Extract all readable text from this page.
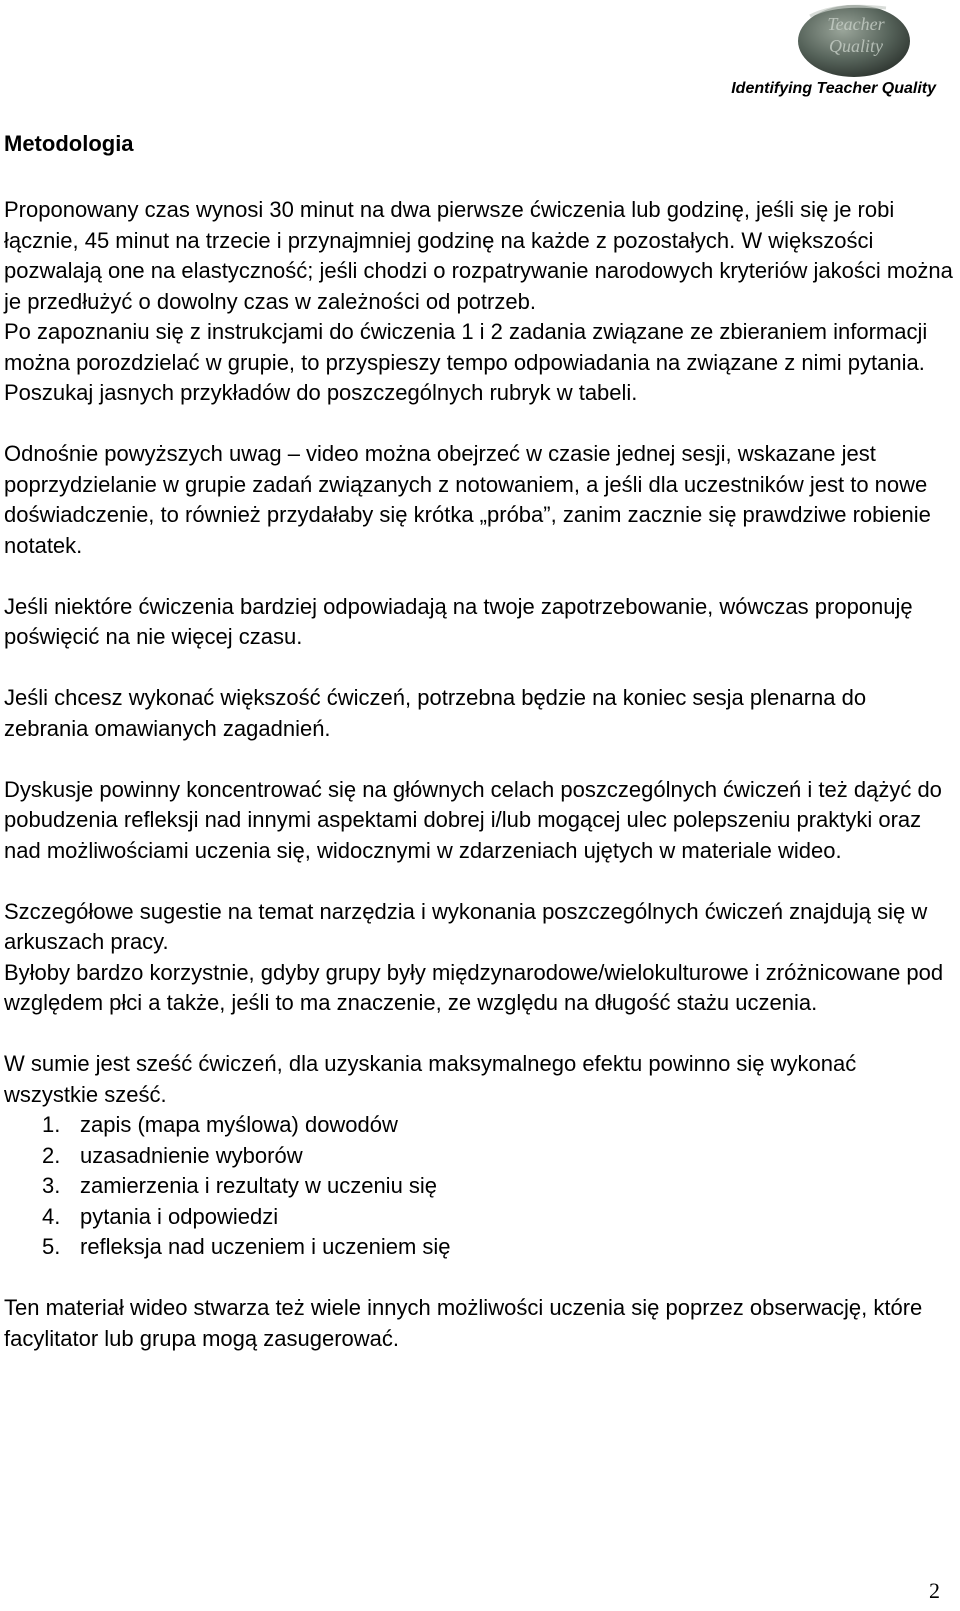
Teacher
Quality
Identifying Teacher Quality
Metodologia

Proponowany czas wynosi 30 minut na dwa pierwsze ćwiczenia lub godzinę, jeśli się je robi łącznie, 45 minut na trzecie i przynajmniej godzinę na każde z pozostałych. W większości pozwalają one na elastyczność; jeśli chodzi o rozpatrywanie narodowych kryteriów jakości można je przedłużyć o dowolny czas w zależności od potrzeb.

Po zapoznaniu się z instrukcjami do ćwiczenia 1 i 2 zadania związane ze zbieraniem informacji można porozdzielać w grupie, to przyspieszy tempo odpowiadania na związane z nimi pytania. Poszukaj jasnych przykładów do poszczególnych rubryk w tabeli.

Odnośnie powyższych uwag – video można obejrzeć w czasie jednej sesji, wskazane jest poprzydzielanie w grupie zadań związanych z notowaniem, a jeśli dla uczestników jest to nowe doświadczenie, to również przydałaby się krótka „próba”, zanim zacznie się prawdziwe robienie notatek.

Jeśli niektóre ćwiczenia bardziej odpowiadają na twoje zapotrzebowanie, wówczas proponuję poświęcić na nie więcej czasu.

Jeśli chcesz wykonać większość ćwiczeń, potrzebna będzie na koniec sesja plenarna do zebrania omawianych zagadnień.

Dyskusje powinny koncentrować się na głównych celach poszczególnych ćwiczeń i też dążyć do pobudzenia refleksji nad innymi aspektami dobrej i/lub mogącej ulec polepszeniu praktyki oraz nad możliwościami uczenia się, widocznymi w zdarzeniach ujętych w materiale wideo.

Szczegółowe sugestie na temat narzędzia i wykonania poszczególnych ćwiczeń znajdują się w arkuszach pracy.

Byłoby bardzo korzystnie, gdyby grupy były międzynarodowe/wielokulturowe i zróżnicowane pod względem płci a także, jeśli to ma znaczenie, ze względu na długość stażu uczenia.

W sumie jest sześć ćwiczeń, dla uzyskania maksymalnego efektu powinno się wykonać wszystkie sześć.

1. zapis (mapa myślowa) dowodów
2. uzasadnienie wyborów
3. zamierzenia i rezultaty w uczeniu się
4. pytania i odpowiedzi
5. refleksja nad uczeniem i uczeniem się

Ten materiał wideo stwarza też wiele innych możliwości uczenia się poprzez obserwację, które facylitator lub grupa mogą zasugerować.

2
